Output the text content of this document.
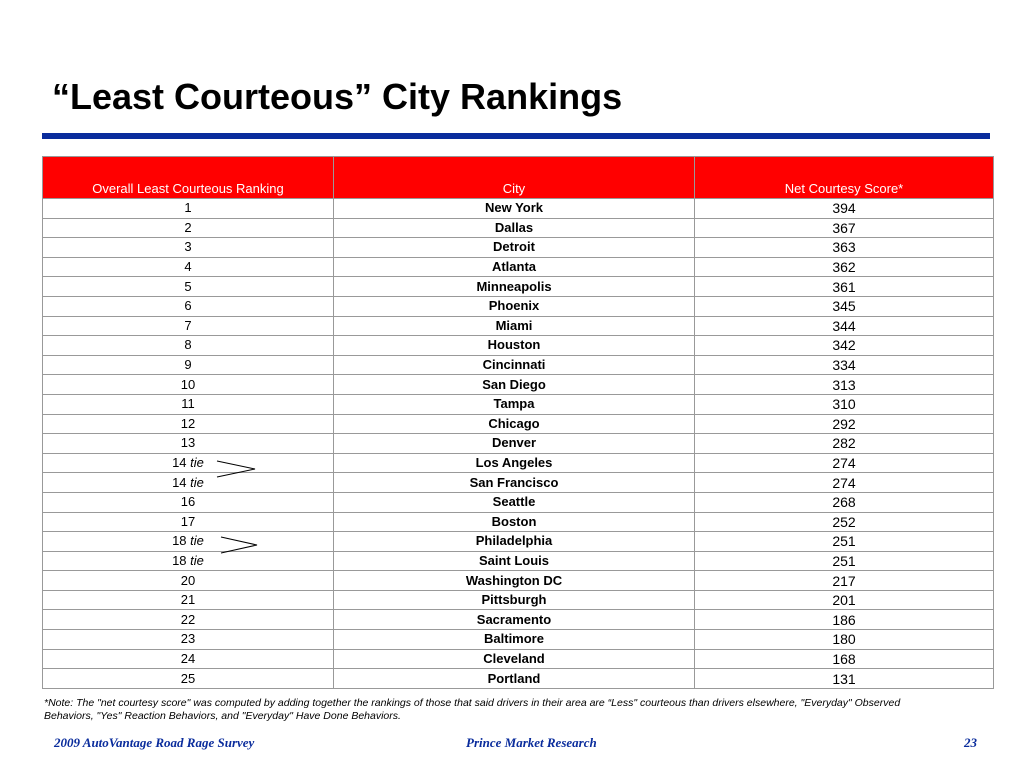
“Least Courteous” City Rankings
Overall Least Courteous Ranking	City	Net Courtesy Score*
1	New York	394
2	Dallas	367
3	Detroit	363
4	Atlanta	362
5	Minneapolis	361
6	Phoenix	345
7	Miami	344
8	Houston	342
9	Cincinnati	334
10	San Diego	313
11	Tampa	310
12	Chicago	292
13	Denver	282
14 tie	Los Angeles	274
14 tie	San Francisco	274
16	Seattle	268
17	Boston	252
18 tie	Philadelphia	251
18 tie	Saint Louis	251
20	Washington DC	217
21	Pittsburgh	201
22	Sacramento	186
23	Baltimore	180
24	Cleveland	168
25	Portland	131
*Note: The "net courtesy score" was computed by adding together the rankings of those that said drivers in their area are “Less" courteous than drivers elsewhere, "Everyday" Observed Behaviors, "Yes" Reaction Behaviors, and "Everyday" Have Done Behaviors.
2009 AutoVantage Road Rage Survey	Prince Market Research	23
